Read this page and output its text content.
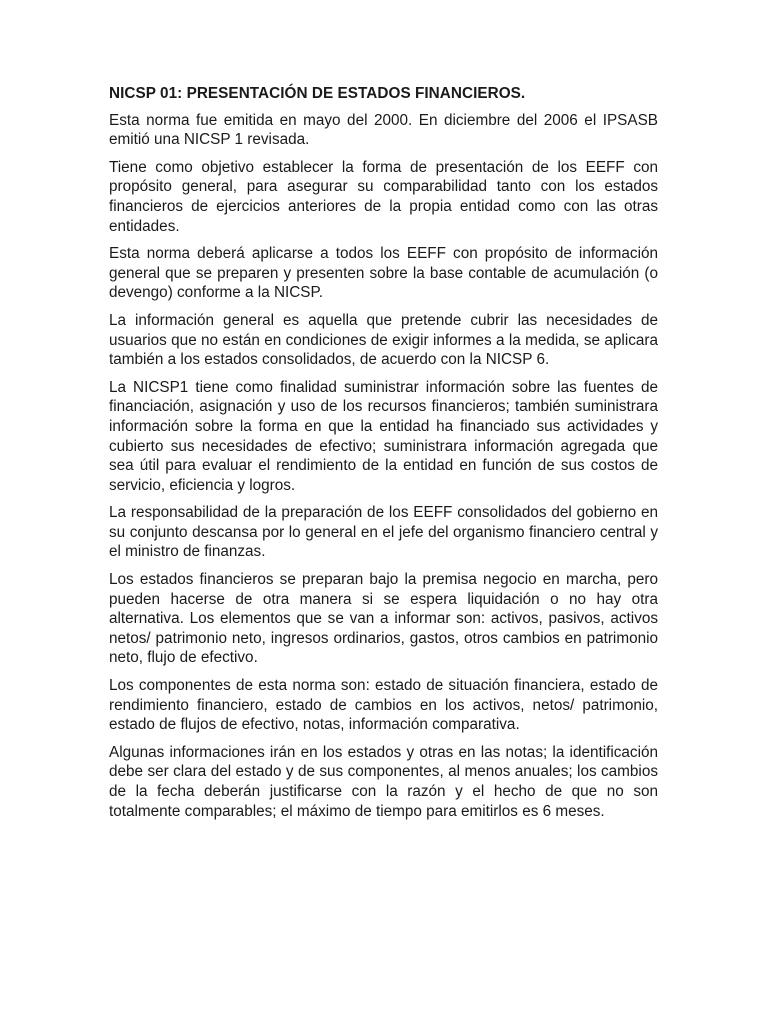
NICSP 01: PRESENTACIÓN DE ESTADOS FINANCIEROS.

Esta norma fue emitida en mayo del 2000. En diciembre del 2006 el IPSASB emitió una NICSP 1 revisada.

Tiene como objetivo establecer la forma de presentación de los EEFF con propósito general, para asegurar su comparabilidad tanto con los estados financieros de ejercicios anteriores de la propia entidad como con las otras entidades.

Esta norma deberá aplicarse a todos los EEFF con propósito de información general que se preparen y presenten sobre la base contable de acumulación (o devengo) conforme a la NICSP.

La información general es aquella que pretende cubrir las necesidades de usuarios que no están en condiciones de exigir informes a la medida, se aplicara también a los estados consolidados, de acuerdo con la NICSP 6.

La NICSP1 tiene como finalidad suministrar información sobre las fuentes de financiación, asignación y uso de los recursos financieros; también suministrara información sobre la forma en que la entidad ha financiado sus actividades y cubierto sus necesidades de efectivo; suministrara información agregada que sea útil para evaluar el rendimiento de la entidad en función de sus costos de servicio, eficiencia y logros.

La responsabilidad de la preparación de los EEFF consolidados del gobierno en su conjunto descansa por lo general en el jefe del organismo financiero central y el ministro de finanzas.

Los estados financieros se preparan bajo la premisa negocio en marcha, pero pueden hacerse de otra manera si se espera liquidación o no hay otra alternativa. Los elementos que se van a informar son: activos, pasivos, activos netos/ patrimonio neto, ingresos ordinarios, gastos, otros cambios en patrimonio neto, flujo de efectivo.

Los componentes de esta norma son: estado de situación financiera, estado de rendimiento financiero, estado de cambios en los activos, netos/ patrimonio, estado de flujos de efectivo, notas, información comparativa.

Algunas informaciones irán en los estados y otras en las notas; la identificación debe ser clara del estado y de sus componentes, al menos anuales; los cambios de la fecha deberán justificarse con la razón y el hecho de que no son totalmente comparables; el máximo de tiempo para emitirlos es 6 meses.
